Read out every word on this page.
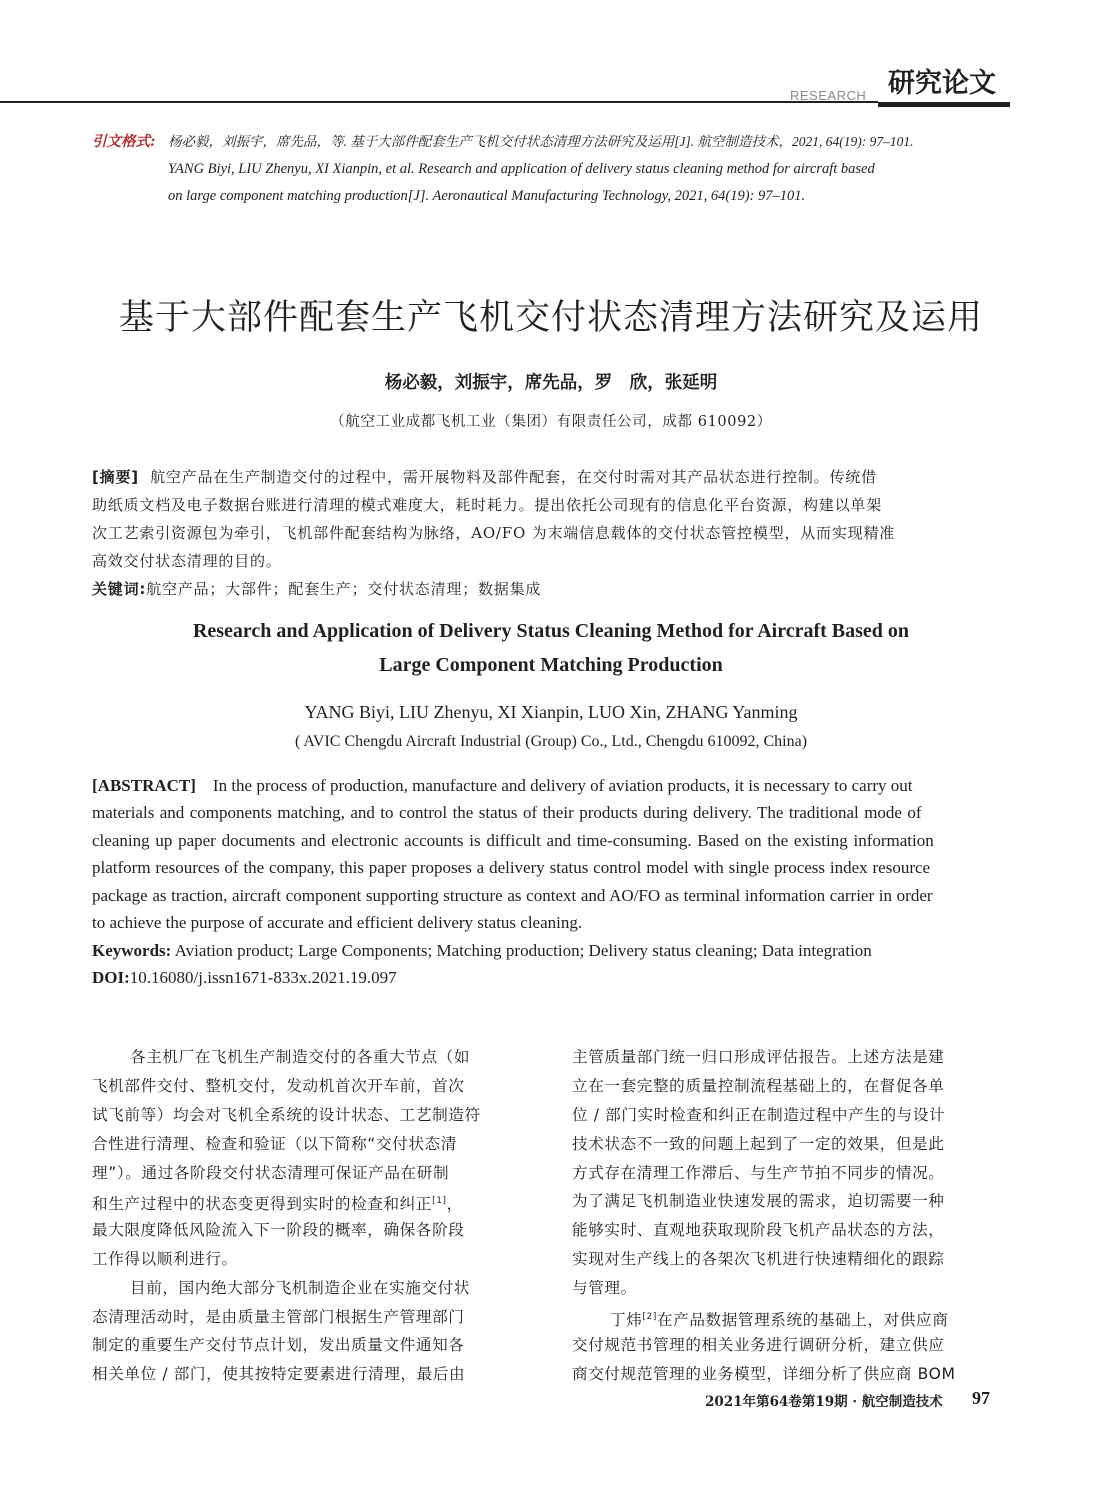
RESEARCH 研究论文
引文格式: 杨必毅，刘振宇，席先品，等. 基于大部件配套生产飞机交付状态清理方法研究及运用[J]. 航空制造技术，2021, 64(19): 97–101.
YANG Biyi, LIU Zhenyu, XI Xianpin, et al. Research and application of delivery status cleaning method for aircraft based
on large component matching production[J]. Aeronautical Manufacturing Technology, 2021, 64(19): 97–101.
基于大部件配套生产飞机交付状态清理方法研究及运用
杨必毅，刘振宇，席先品，罗　欣，张延明
（航空工业成都飞机工业（集团）有限责任公司，成都 610092）
[摘要] 航空产品在生产制造交付的过程中，需开展物料及部件配套，在交付时需对其产品状态进行控制。传统借
助纸质文档及电子数据台账进行清理的模式难度大，耗时耗力。提出依托公司现有的信息化平台资源，构建以单架
次工艺索引资源包为牵引，飞机部件配套结构为脉络，AO/FO 为末端信息载体的交付状态管控模型，从而实现精准
高效交付状态清理的目的。
关键词:航空产品；大部件；配套生产；交付状态清理；数据集成
Research and Application of Delivery Status Cleaning Method for Aircraft Based on
Large Component Matching Production
YANG Biyi, LIU Zhenyu, XI Xianpin, LUO Xin, ZHANG Yanming
( AVIC Chengdu Aircraft Industrial (Group) Co., Ltd., Chengdu 610092, China)
[ABSTRACT] In the process of production, manufacture and delivery of aviation products, it is necessary to carry out
materials and components matching, and to control the status of their products during delivery. The traditional mode of
cleaning up paper documents and electronic accounts is difficult and time-consuming. Based on the existing information
platform resources of the company, this paper proposes a delivery status control model with single process index resource
package as traction, aircraft component supporting structure as context and AO/FO as terminal information carrier in order
to achieve the purpose of accurate and efficient delivery status cleaning.
Keywords: Aviation product; Large Components; Matching production; Delivery status cleaning; Data integration
DOI:10.16080/j.issn1671-833x.2021.19.097
各主机厂在飞机生产制造交付的各重大节点（如
飞机部件交付、整机交付，发动机首次开车前，首次
试飞前等）均会对飞机全系统的设计状态、工艺制造符
合性进行清理、检查和验证（以下简称“交付状态清
理”）。通过各阶段交付状态清理可保证产品在研制
和生产过程中的状态变更得到实时的检查和纠正[1]，
最大限度降低风险流入下一阶段的概率，确保各阶段
工作得以顺利进行。
目前，国内绝大部分飞机制造企业在实施交付状
态清理活动时，是由质量主管部门根据生产管理部门
制定的重要生产交付节点计划，发出质量文件通知各
相关单位 / 部门，使其按特定要素进行清理，最后由
主管质量部门统一归口形成评估报告。上述方法是建
立在一套完整的质量控制流程基础上的，在督促各单
位 / 部门实时检查和纠正在制造过程中产生的与设计
技术状态不一致的问题上起到了一定的效果，但是此
方式存在清理工作滞后、与生产节拍不同步的情况。
为了满足飞机制造业快速发展的需求，迫切需要一种
能够实时、直观地获取现阶段飞机产品状态的方法，
实现对生产线上的各架次飞机进行快速精细化的跟踪
与管理。
丁炜[2]在产品数据管理系统的基础上，对供应商
交付规范书管理的相关业务进行调研分析，建立供应
商交付规范管理的业务模型，详细分析了供应商 BOM
2021年第64卷第19期 · 航空制造技术 97
